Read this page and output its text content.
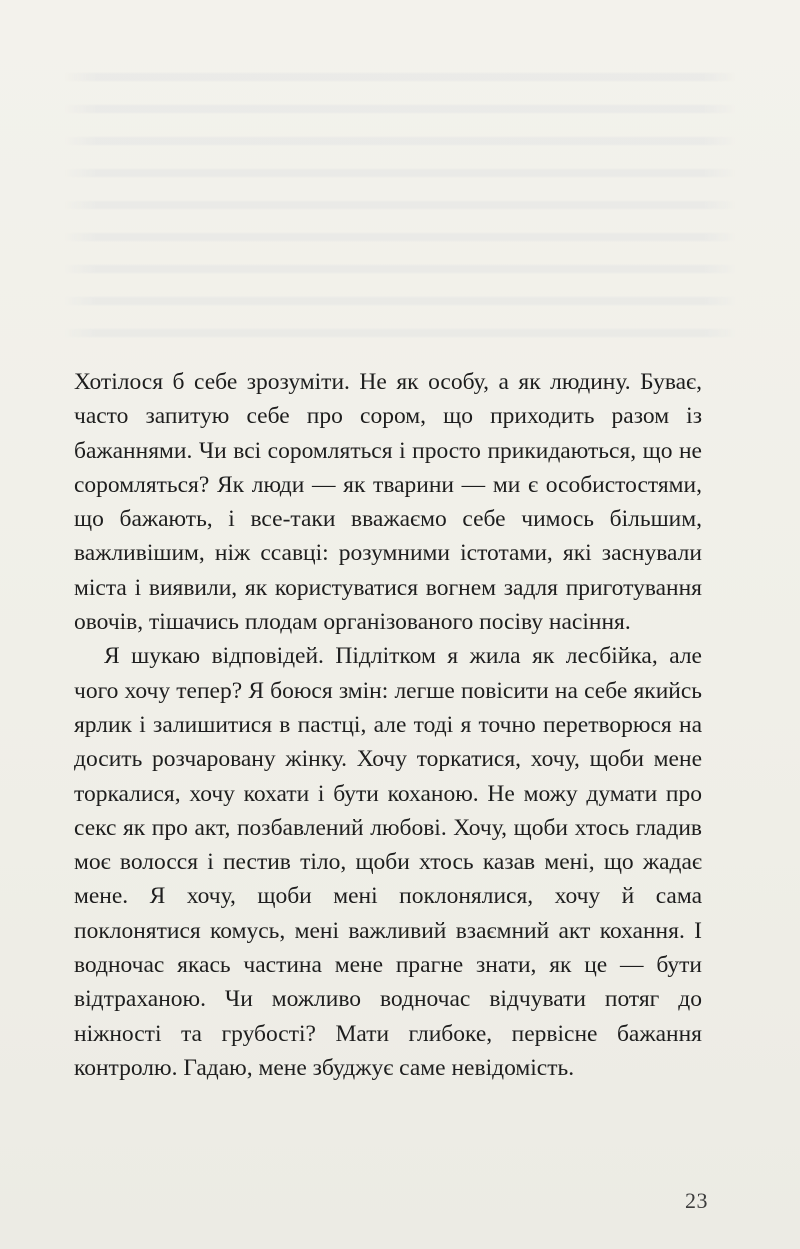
Хотілося б себе зрозуміти. Не як особу, а як людину. Буває, часто запитую себе про сором, що приходить разом із бажаннями. Чи всі соромляться і просто прикидаються, що не соромляться? Як люди — як тварини — ми є особистостями, що бажають, і все-таки вважаємо себе чимось більшим, важливішим, ніж ссавці: розумними істотами, які заснували міста і виявили, як користуватися вогнем задля приготування овочів, тішачись плодам організованого посіву насіння.

Я шукаю відповідей. Підлітком я жила як лесбійка, але чого хочу тепер? Я боюся змін: легше повісити на себе якийсь ярлик і залишитися в пастці, але тоді я точно перетворюся на досить розчаровану жінку. Хочу торкатися, хочу, щоби мене торкалися, хочу кохати і бути коханою. Не можу думати про секс як про акт, позбавлений любові. Хочу, щоби хтось гладив моє волосся і пестив тіло, щоби хтось казав мені, що жадає мене. Я хочу, щоби мені поклонялися, хочу й сама поклонятися комусь, мені важливий взаємний акт кохання. І водночас якась частина мене прагне знати, як це — бути відтраханою. Чи можливо водночас відчувати потяг до ніжності та грубості? Мати глибоке, первісне бажання контролю. Гадаю, мене збуджує саме невідомість.

23
